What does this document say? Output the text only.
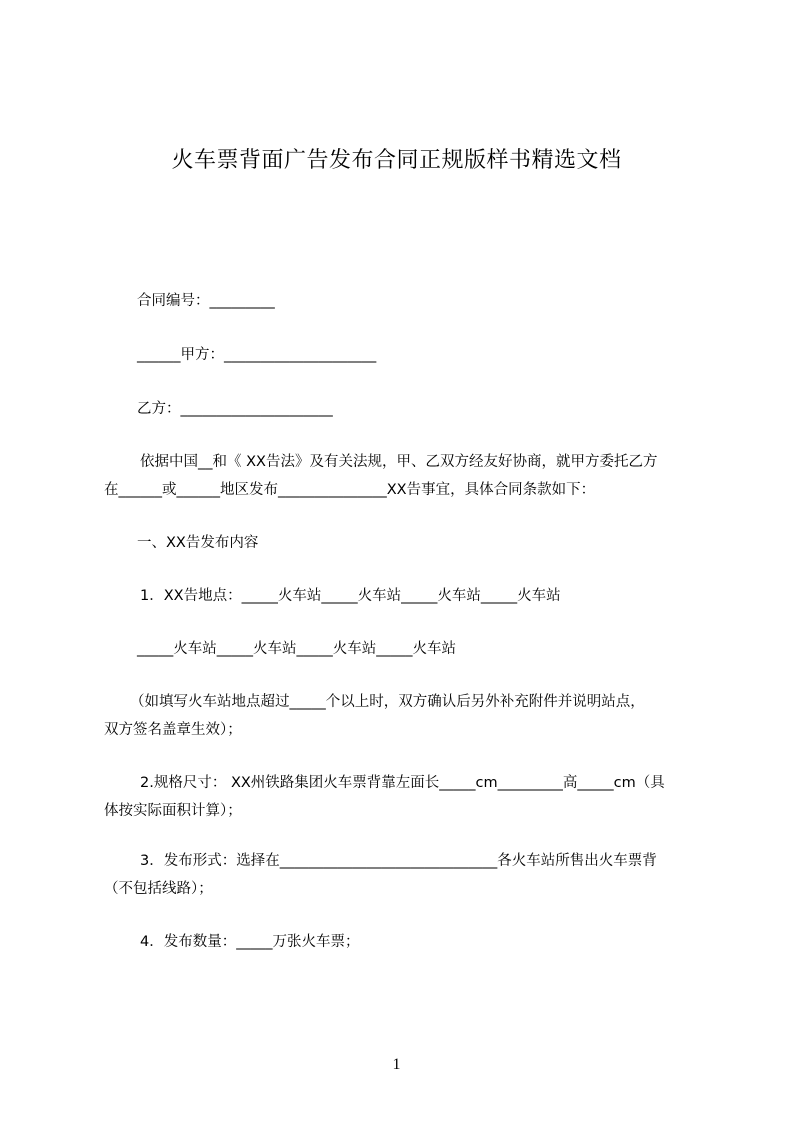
火车票背面广告发布合同正规版样书精选文档
合同编号：_________
______甲方：_____________________
乙方：_____________________
依据中国__和《 XX告法》及有关法规，甲、乙双方经友好协商，就甲方委托乙方
在______或______地区发布_______________XX告事宜，具体合同条款如下：
一、XX告发布内容
1．XX告地点：_____火车站_____火车站_____火车站_____火车站
_____火车站_____火车站_____火车站_____火车站
（如填写火车站地点超过_____个以上时，双方确认后另外补充附件并说明站点，
双方签名盖章生效）；
2.规格尺寸： XX州铁路集团火车票背靠左面长_____cm_________高_____cm（具
体按实际面积计算）；
3．发布形式：选择在______________________________各火车站所售出火车票背
（不包括线路）；
4．发布数量：_____万张火车票；
1
